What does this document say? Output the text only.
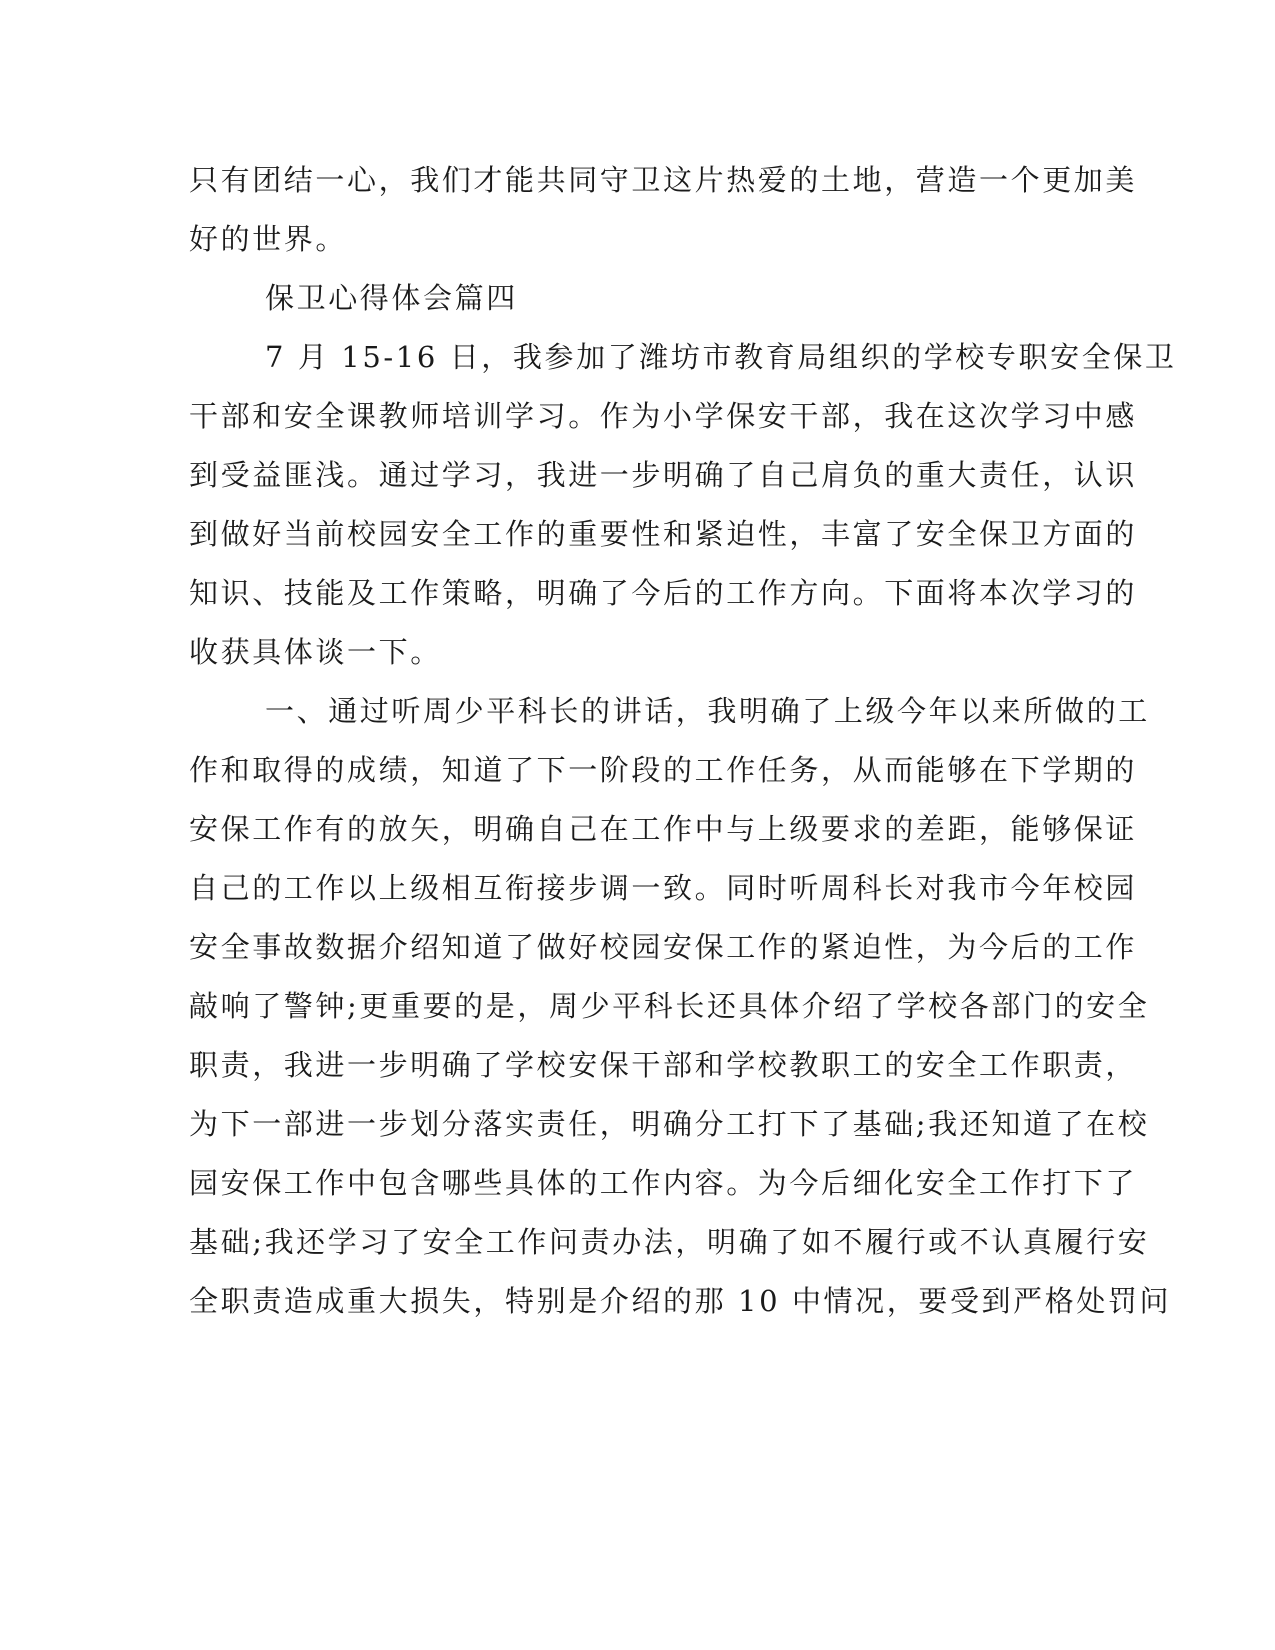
只有团结一心，我们才能共同守卫这片热爱的土地，营造一个更加美
好的世界。
保卫心得体会篇四
7 月 15-16 日，我参加了潍坊市教育局组织的学校专职安全保卫
干部和安全课教师培训学习。作为小学保安干部，我在这次学习中感
到受益匪浅。通过学习，我进一步明确了自己肩负的重大责任，认识
到做好当前校园安全工作的重要性和紧迫性，丰富了安全保卫方面的
知识、技能及工作策略，明确了今后的工作方向。下面将本次学习的
收获具体谈一下。
一、通过听周少平科长的讲话，我明确了上级今年以来所做的工
作和取得的成绩，知道了下一阶段的工作任务，从而能够在下学期的
安保工作有的放矢，明确自己在工作中与上级要求的差距，能够保证
自己的工作以上级相互衔接步调一致。同时听周科长对我市今年校园
安全事故数据介绍知道了做好校园安保工作的紧迫性，为今后的工作
敲响了警钟;更重要的是，周少平科长还具体介绍了学校各部门的安全
职责，我进一步明确了学校安保干部和学校教职工的安全工作职责，
为下一部进一步划分落实责任，明确分工打下了基础;我还知道了在校
园安保工作中包含哪些具体的工作内容。为今后细化安全工作打下了
基础;我还学习了安全工作问责办法，明确了如不履行或不认真履行安
全职责造成重大损失，特别是介绍的那 10 中情况，要受到严格处罚问
